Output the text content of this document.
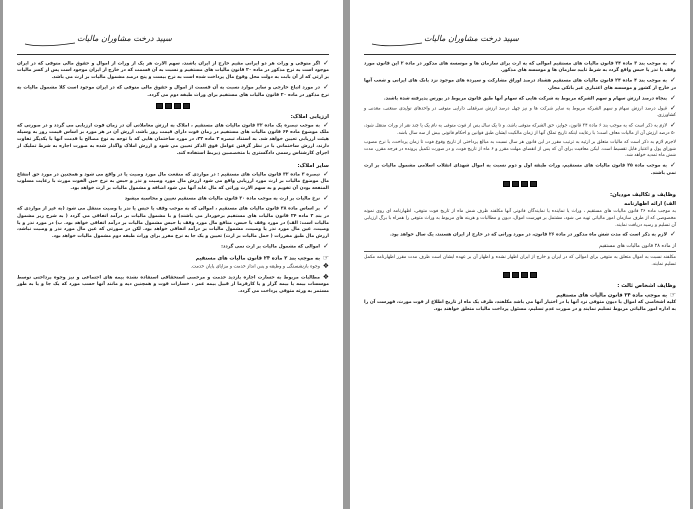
سپید درخت مشاوران مالیات

✓اگر متوفی و وراث هر دو ایرانی مقیم خارج از ایران باشند، سهم الارث هر یک از وراث از اموال و حقوق مالی متوفی که در ایران موجود است به نرخ مذکور در ماده ۲۰ قانون مالیات های مستقیم و نسبت به آن قسمت که در خارج از ایران موجود است پس از کسر مالیات بر ارثی که از آن بابت به دولت محل وقوع مال پرداخت شده است به نرخ بیست و پنج درصد مشمول مالیات بر ارث می باشد.

✓در مورد اتباع خارجی و سایر موارد نسبت به آن قسمت از اموال و حقوق مالی متوفی که در ایران موجود است کلا مشمول مالیات به نرخ مذکور در ماده ۲۰ قانون مالیات های مستقیم برای وراث طبقه دوم می گردد.

ارزیابی املاک:

✓به موجب تبصره یک ماده ۳۲ قانون مالیات های مستقیم ، املاک به ارزش معاملاتی آن در زمان فوت ارزیابی می گردد و در صورتی که ملک موضوع ماده ۶۴ قانون مالیات های مستقیم در زمان فوت دارای قیمت روز باشد، ارزش آن در هر مورد بر اساس قیمت روز به وسیله هیئت ارزیابی تعیین خواهد شد. به استناد تبصره ۳ ماده ۳۲، در مورد ساختمان هایی که با توجه به نوع مصالح یا قدمت آنها با یکدیگر تفاوت دارند، ارزش ساختمانی با در نظر گرفتن عوامل فوق الذکر تعیین می شود و ارزش املاک واگذار شده به صورت اجاره به شرط تملیک از اجرای کارشناس رسمی دادگستری با متخصصین ذیربط استفاده کند.

سایر املاک:

✓تبصره ۳ ماده ۳۲ قانون مالیات های مستقیم : در مواردی که منفعت مال مورد وصیت یا در واقع می شود و همچنین در مورد حق انتفاع مال موضوع مالیات بر ارث مورد ارزیابی واقع می شود ارزش مال مورد وصیت و نذر و حبس به نرخ حین الفوت مورث با رعایت مسلوب المنفعه بودن آن تقویم و به سهم الارث وراثی که مال عاید آنها می شود اضافه و مشمول مالیات بر ارث خواهد بود.

✓نرخ مالیات بر ارث به موجب ماده ۲۰ قانون مالیات های مستقیم تعیین و محاسبه میشود

✓بر اساس ماده ۳۸ قانون مالیات های مستقیم ، اموالی که به موجب وقف یا حبس یا نذر یا وصیت منتقل می شود (به غیر از مواردی که در بند ۳ ماده ۲۴ قانون مالیات های مستقیم برخوردار می باشند) و با مشمول مالیات بر درآمد اتفاقی می گردد ( به شرح زیر مشمول مالیات است: الف) در مورد وقف یا حبس، منافع مال مورد وقف یا حبس مشمول مالیات بر درآمد اتفاقی خواهد بود. ب) در مورد نذر و یا وصیت، عین مال مورد نذر یا وصیت، مشمول مالیات بر درآمد اتفاقی خواهد بود. لکن در صورتی که عین مال مورد نذر و وصیت نباشد، ارزش مال طبق مقررات ( حمل مالیات بر ارث) تعیین و یک جا به نرخ مقرر برای وراث طبقه دوم مشمول مالیات خواهد بود.

✓اموالی که مشمول مالیات بر ارث نمی گردد:

☞به موجب بند ۲ ماده ۲۴ قانون مالیات های مستقیم

❖وجوه بازنشستگی و وظیفه و پس انداز خدمت و مزایای پایان خدمت.

❖مطالبات مربوط به خسارت اجاره بازدید خدمت و مرخصی استحقاقی استفاده نشده بیمه های اجتماعی و نیز وجوه پرداختی توسط موسسات بیمه یا بیمه گزار و یا کارفرما از قبیل بیمه عمر ، خسارات فوت و همچنین دیه و مانند آنها حسب مورد که یک جا و یا به طور مستمر به ورثه متوفی پرداخت می گردد.

سپید درخت مشاوران مالیات

✓به موجب بند ۳ ماده ۲۴ قانون مالیات های مستقیم اموالی که به ارث برای سازمان ها و موسسه های مذکور در ماده ۲ این قانون مورد وقف یا نذر یا حبس واقع گردد به شرط تایید سازمان ها و موسسه های مذکور.

✓به موجب بند ۴ ماده ۲۴ قانون مالیات های مستقیم هشتاد درصد اوراق مشارکت و سپرده های موجود نزد بانک های ایرانی و شعب آنها در خارج از کشور و موسسه های اعتباری غیر بانکی مجاز.

✓پنجاه درصد ارزش سهام و سهم الشرکه مربوط به شرکت هایی که سهام آنها طبق قانون مربوط در بورس پذیرفته شده باشند.

✓قبول درصد ارزش سهام و سهم الشرکه مربوط به سایر شرکت ها و نیز چهل درصد ارزش سرقفلی دارایی متوفی در واحدهای تولیدی صنعتی، معدنی و کشاورزی.

✓لازم به ذکر است که به موجب بند ۶ ماده ۲۴ قانون، جوایز، حق الشرکه متوفی باشد، و تا یک سال پس از فوت متوفی به نام یک یا چند نفر از وراث منتقل شود، ۵۰ درصد ارزش آن از مالیات معاف است؛ با رعایت اینکه تاریخ تملک آنها از زمان مالکیت ایشان طبق قوانین و احکام قانونی بیش از سه سال باشد.

لاجرم لازم به ذکر است که مالیات متعلق بر ارثیه به ترتیب مقرر در این قانون هر سال نسبت به مبالغ پرداختی از تاریخ وقوع فوت تا زمان پرداخت، با نرخ مصوب شورای پول و اعتبار قابل تقسیط است. لیکن معافیت برای آن که پس از انقضای مهلت مقرر و ۶ ماه از تاریخ فوت، و در صورت تکمیل پرونده در فرجه مقرر، مدت شش ماه تمدید خواهد شد.

✓به موجب ماده ۲۵ قانون مالیات های مستقیم، وراث طبقه اول و دوم نسبت به اموال شهدای انقلاب اسلامی مشمول مالیات بر ارث نمی باشند.

وظایف و تکالیف مودیان:
الف) ارائه اظهارنامه

به موجب ماده ۲۶ قانون مالیات های مستقیم ، وراث یا نماینده یا نمایندگان قانونی آنها مکلفند ظرف شش ماه از تاریخ فوت متوفی، اظهارنامه ای روی نمونه مخصوصی که از طرف سازمان امور مالیاتی تهیه می شود، مشتمل بر فهرست اموال، دیون و مطالبات و هزینه های مربوط به وراث متوفی را همراه با برگ ارزیابی آن تسلیم و رسید دریافت نمایند.

✓لازم به ذکر است که مدت شش ماه مذکور در ماده ۲۶ قانون، در مورد وراثی که در خارج از ایران هستند، یک سال خواهد بود.

از ماده ۲۸ قانون مالیات های مستقیم

مکلفند نسبت به اموال متعلق به متوفی برای اموالی که در ایران و خارج از ایران اظهار نشده و اظهار آن بر عهده ایشان است ظرف مدت مقرر اظهارنامه مکمل تسلیم نمایند.

وظایف اشخاص ثالث :
☞به موجب ماده ۳۴ قانون مالیات های مستقیم

کلیه اشخاصی که اموال یا دیون متوفی نزد آنها یا در اختیار آنها می باشد مکلفند، ظرف یک ماه از تاریخ اطلاع از فوت مورث، فهرست آن را به اداره امور مالیاتی مربوط تسلیم نمایند و در صورت عدم تسلیم، مسئول پرداخت مالیات متعلق خواهند بود.
